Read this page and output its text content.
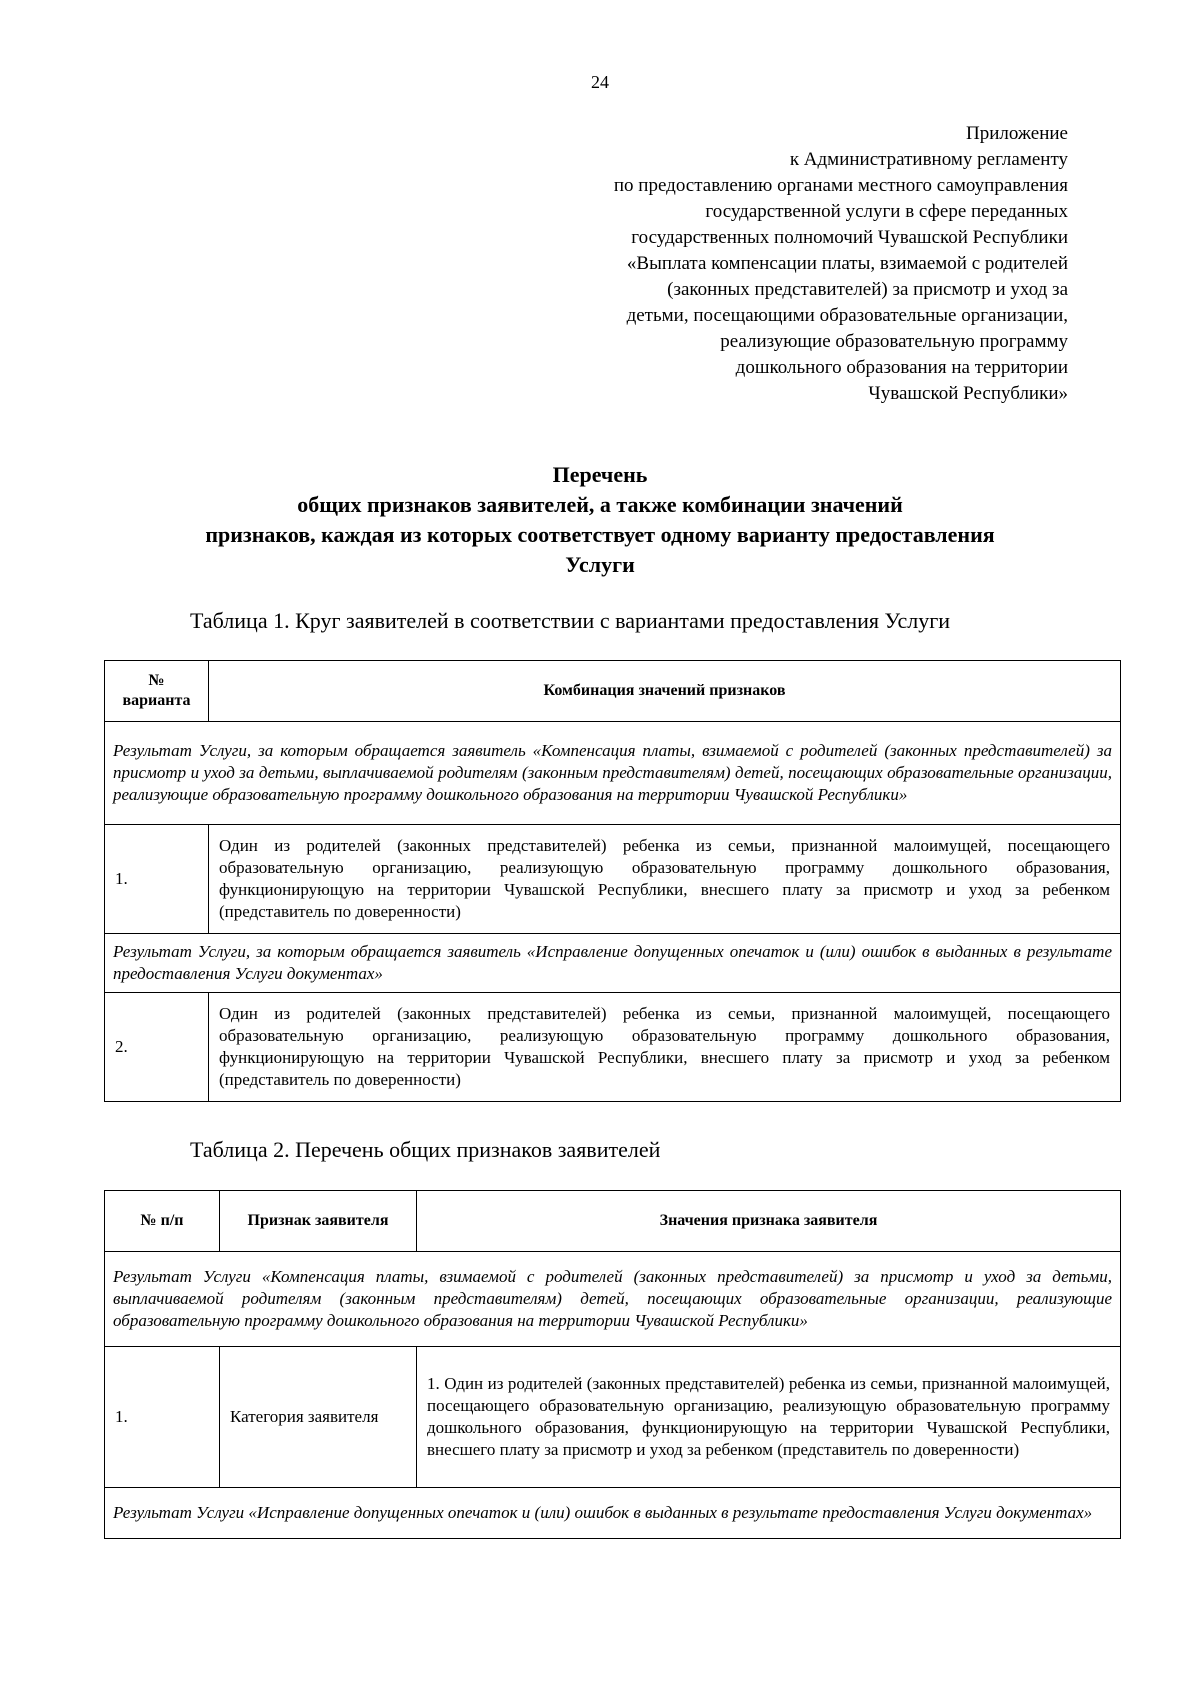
24
Приложение
к Административному регламенту
по предоставлению органами местного самоуправления
государственной услуги в сфере переданных
государственных полномочий Чувашской Республики
«Выплата компенсации платы, взимаемой с родителей
(законных представителей) за присмотр и уход за
детьми, посещающими образовательные организации,
реализующие образовательную программу
дошкольного образования на территории
Чувашской Республики»
Перечень
общих признаков заявителей, а также комбинации значений
признаков, каждая из которых соответствует одному варианту предоставления
Услуги
Таблица 1. Круг заявителей в соответствии с вариантами предоставления Услуги
№ варианта	Комбинация значений признаков
Результат Услуги, за которым обращается заявитель «Компенсация платы, взимаемой с родителей (законных представителей) за присмотр и уход за детьми, выплачиваемой родителям (законным представителям) детей, посещающих образовательные организации, реализующие образовательную программу дошкольного образования на территории Чувашской Республики»	
1.	Один из родителей (законных представителей) ребенка из семьи, признанной малоимущей, посещающего образовательную организацию, реализующую образовательную программу дошкольного образования, функционирующую на территории Чувашской Республики, внесшего плату за присмотр и уход за ребенком (представитель по доверенности)
Результат Услуги, за которым обращается заявитель «Исправление допущенных опечаток и (или) ошибок в выданных в результате предоставления Услуги документах»	
2.	Один из родителей (законных представителей) ребенка из семьи, признанной малоимущей, посещающего образовательную организацию, реализующую образовательную программу дошкольного образования, функционирующую на территории Чувашской Республики, внесшего плату за присмотр и уход за ребенком (представитель по доверенности)
Таблица 2. Перечень общих признаков заявителей
№ п/п	Признак заявителя	Значения признака заявителя
Результат Услуги «Компенсация платы, взимаемой с родителей (законных представителей) за присмотр и уход за детьми, выплачиваемой родителям (законным представителям) детей, посещающих образовательные организации, реализующие образовательную программу дошкольного образования на территории Чувашской Республики»		
1.	Категория заявителя	1. Один из родителей (законных представителей) ребенка из семьи, признанной малоимущей, посещающего образовательную организацию, реализующую образовательную программу дошкольного образования, функционирующую на территории Чувашской Республики, внесшего плату за присмотр и уход за ребенком (представитель по доверенности)
Результат Услуги «Исправление допущенных опечаток и (или) ошибок в выданных в результате предоставления Услуги документах»		
